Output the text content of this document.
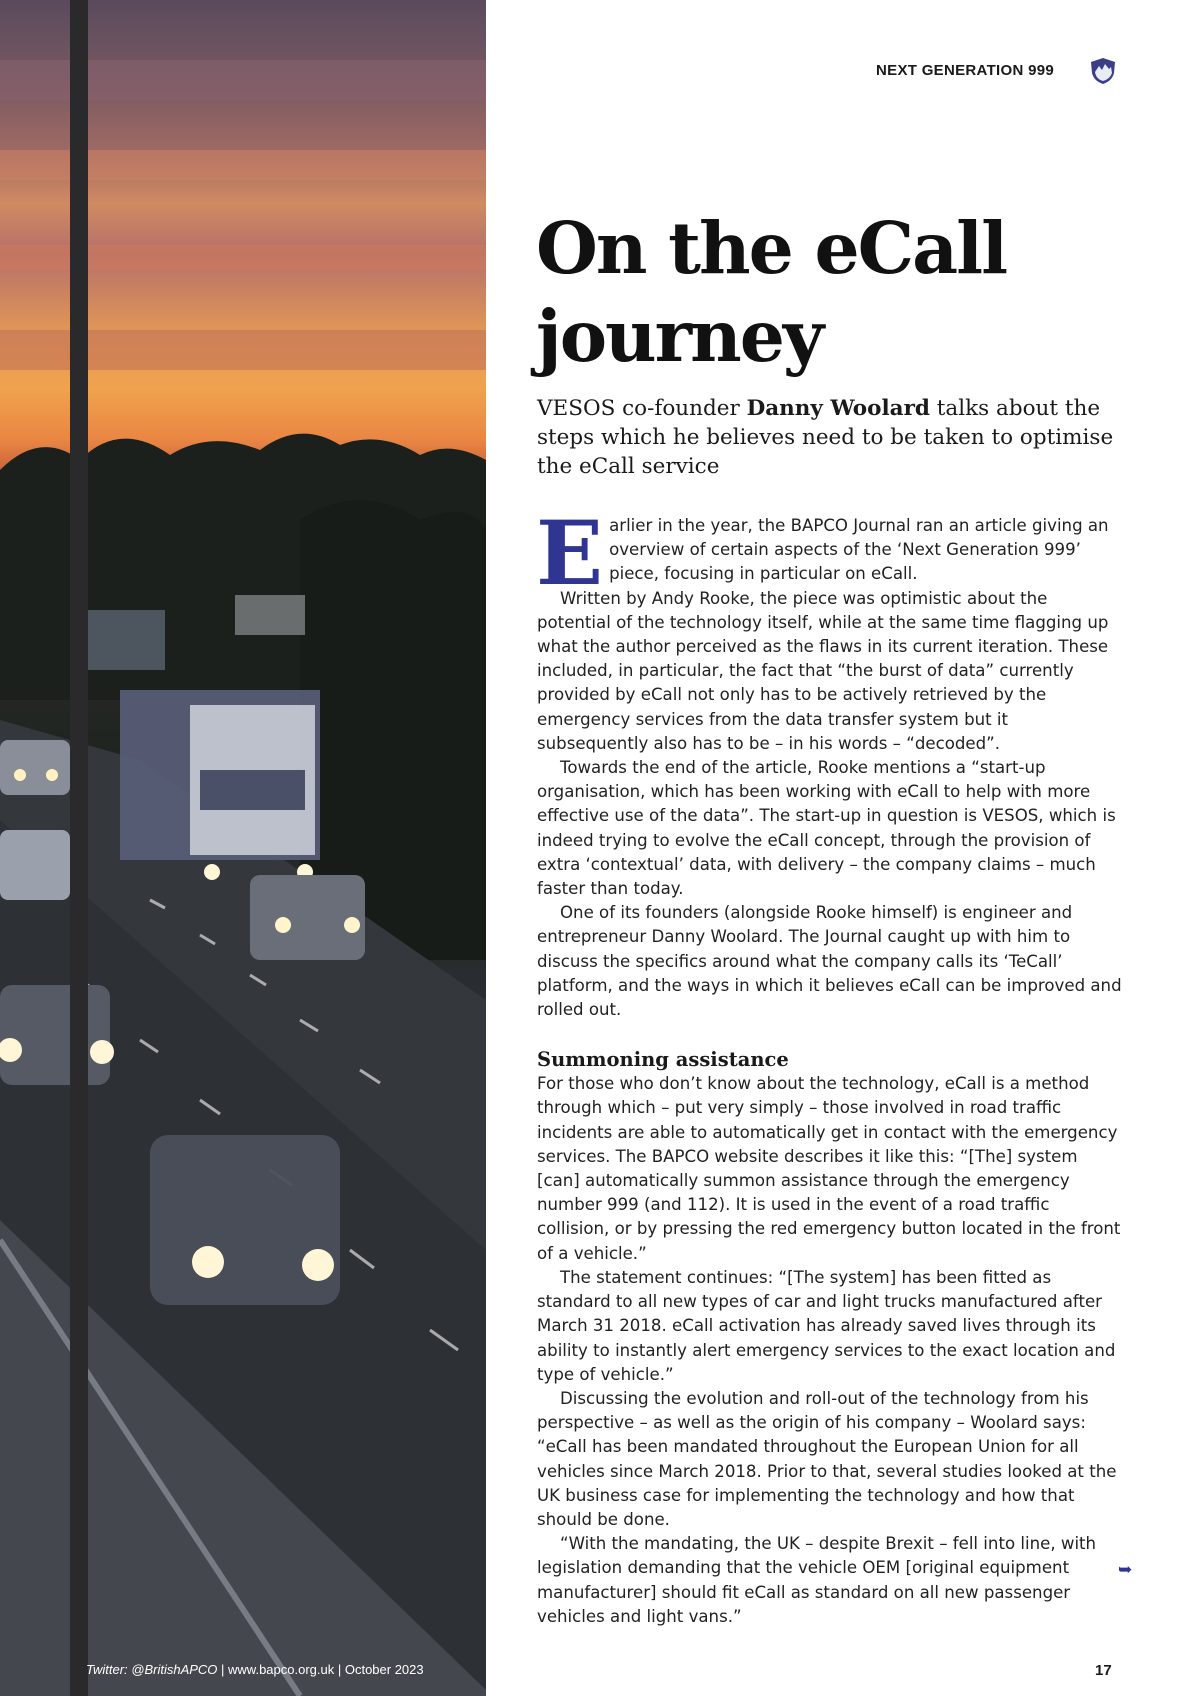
Twitter: @BritishAPCO | www.bapco.org.uk | October 2023
NEXT GENERATION 999
On the eCall
journey

VESOS co-founder Danny Woolard talks about the steps which he believes need to be taken to optimise the eCall service

Earlier in the year, the BAPCO Journal ran an article giving an overview of certain aspects of the ‘Next Generation 999’ piece, focusing in particular on eCall.

Written by Andy Rooke, the piece was optimistic about the potential of the technology itself, while at the same time flagging up what the author perceived as the flaws in its current iteration. These included, in particular, the fact that “the burst of data” currently provided by eCall not only has to be actively retrieved by the emergency services from the data transfer system but it subsequently also has to be – in his words – “decoded”.

Towards the end of the article, Rooke mentions a “start-up organisation, which has been working with eCall to help with more effective use of the data”. The start-up in question is VESOS, which is indeed trying to evolve the eCall concept, through the provision of extra ‘contextual’ data, with delivery – the company claims – much faster than today.

One of its founders (alongside Rooke himself) is engineer and entrepreneur Danny Woolard. The Journal caught up with him to discuss the specifics around what the company calls its ‘TeCall’ platform, and the ways in which it believes eCall can be improved and rolled out.

Summoning assistance

For those who don’t know about the technology, eCall is a method through which – put very simply – those involved in road traffic incidents are able to automatically get in contact with the emergency services. The BAPCO website describes it like this: “[The] system [can] automatically summon assistance through the emergency number 999 (and 112). It is used in the event of a road traffic collision, or by pressing the red emergency button located in the front of a vehicle.”

The statement continues: “[The system] has been fitted as standard to all new types of car and light trucks manufactured after March 31 2018. eCall activation has already saved lives through its ability to instantly alert emergency services to the exact location and type of vehicle.”

Discussing the evolution and roll-out of the technology from his perspective – as well as the origin of his company – Woolard says: “eCall has been mandated throughout the European Union for all vehicles since March 2018. Prior to that, several studies looked at the UK business case for implementing the technology and how that should be done.

“With the mandating, the UK – despite Brexit – fell into line, with legislation demanding that the vehicle OEM [original equipment manufacturer] should fit eCall as standard on all new passenger vehicles and light vans.”

➥
17
